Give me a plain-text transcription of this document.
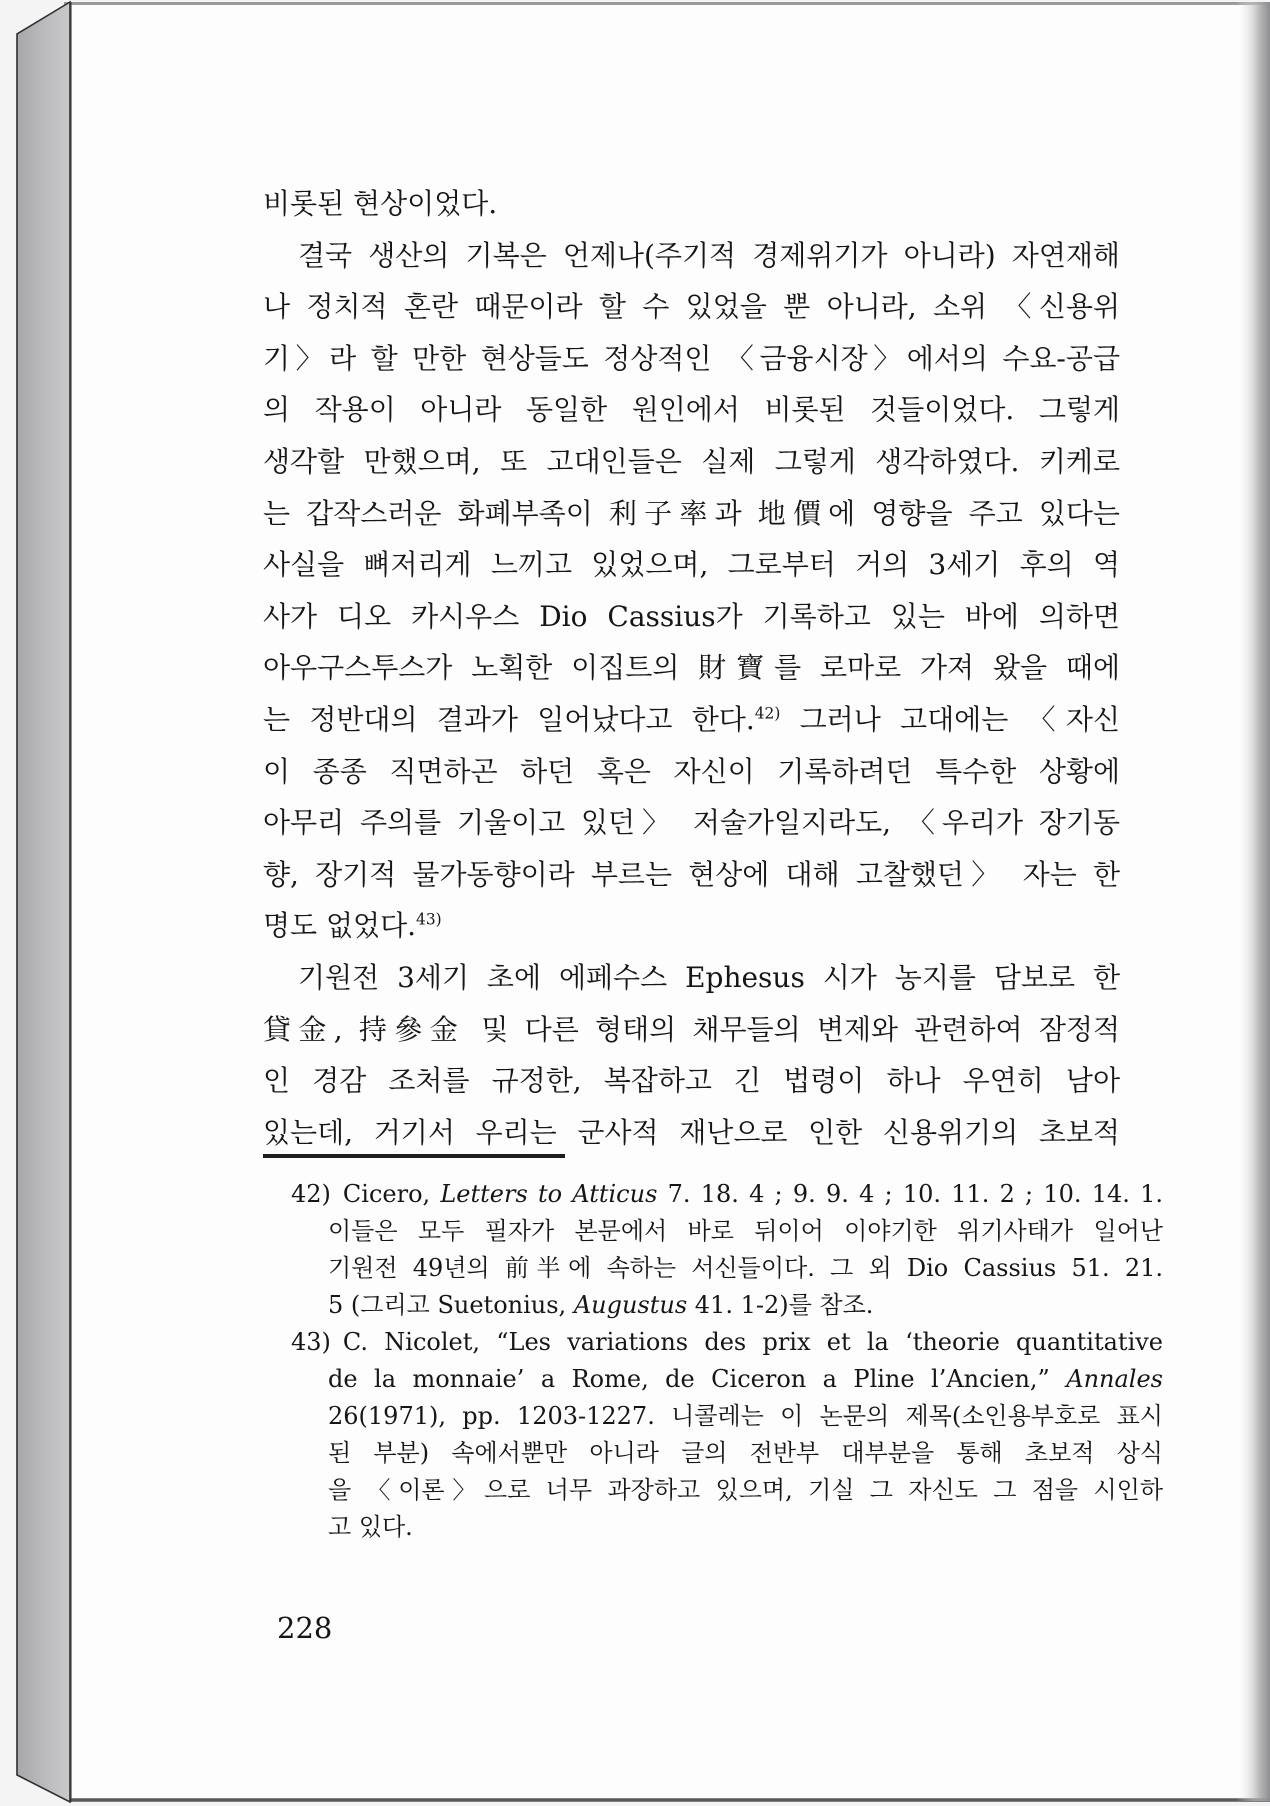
비롯된 현상이었다.
결국 생산의 기복은 언제나(주기적 경제위기가 아니라) 자연재해
나 정치적 혼란 때문이라 할 수 있었을 뿐 아니라, 소위 〈신용위
기〉라 할 만한 현상들도 정상적인 〈금융시장〉에서의 수요-공급
의 작용이 아니라 동일한 원인에서 비롯된 것들이었다. 그렇게
생각할 만했으며, 또 고대인들은 실제 그렇게 생각하였다. 키케로
는 갑작스러운 화폐부족이 利子率과 地價에 영향을 주고 있다는
사실을 뼈저리게 느끼고 있었으며, 그로부터 거의 3세기 후의 역
사가 디오 카시우스 Dio Cassius가 기록하고 있는 바에 의하면
아우구스투스가 노획한 이집트의 財寶를 로마로 가져 왔을 때에
는 정반대의 결과가 일어났다고 한다.$^{42)}$ 그러나 고대에는 〈자신
이 종종 직면하곤 하던 혹은 자신이 기록하려던 특수한 상황에
아무리 주의를 기울이고 있던〉 저술가일지라도, 〈우리가 장기동
향, 장기적 물가동향이라 부르는 현상에 대해 고찰했던〉 자는 한
명도 없었다.$^{43)}$
기원전 3세기 초에 에페수스 Ephesus 시가 농지를 담보로 한
貸金, 持參金 및 다른 형태의 채무들의 변제와 관련하여 잠정적
인 경감 조처를 규정한, 복잡하고 긴 법령이 하나 우연히 남아
있는데, 거기서 우리는 군사적 재난으로 인한 신용위기의 초보적
42) Cicero, Letters to Atticus 7. 18. 4 ; 9. 9. 4 ; 10. 11. 2 ; 10. 14. 1.
이들은 모두 필자가 본문에서 바로 뒤이어 이야기한 위기사태가 일어난
기원전 49년의 前半에 속하는 서신들이다. 그 외 Dio Cassius 51. 21.
5 (그리고 Suetonius, Augustus 41. 1-2)를 참조.
43) C. Nicolet, “Les variations des prix et la ‘theorie quantitative
de la monnaie’ a Rome, de Ciceron a Pline l’Ancien,” Annales
26(1971), pp. 1203-1227. 니콜레는 이 논문의 제목(소인용부호로 표시
된 부분) 속에서뿐만 아니라 글의 전반부 대부분을 통해 초보적 상식
을 〈이론〉으로 너무 과장하고 있으며, 기실 그 자신도 그 점을 시인하
고 있다.
228
